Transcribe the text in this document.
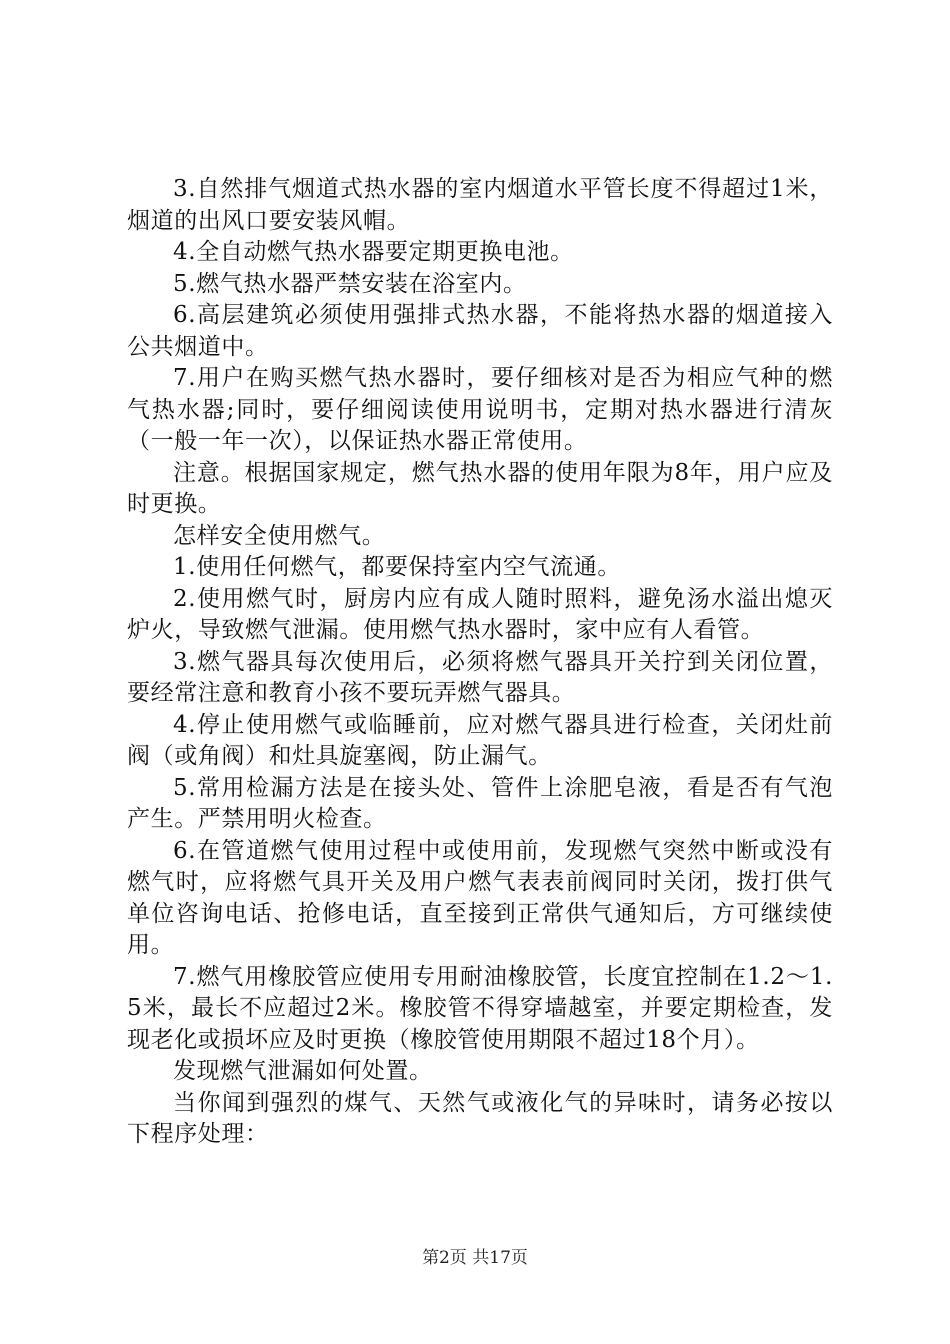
3.自然排气烟道式热水器的室内烟道水平管长度不得超过1米，烟道的出风口要安装风帽。

4.全自动燃气热水器要定期更换电池。

5.燃气热水器严禁安装在浴室内。

6.高层建筑必须使用强排式热水器，不能将热水器的烟道接入公共烟道中。

7.用户在购买燃气热水器时，要仔细核对是否为相应气种的燃气热水器;同时，要仔细阅读使用说明书，定期对热水器进行清灰（一般一年一次），以保证热水器正常使用。

注意。根据国家规定，燃气热水器的使用年限为8年，用户应及时更换。

怎样安全使用燃气。

1.使用任何燃气，都要保持室内空气流通。

2.使用燃气时，厨房内应有成人随时照料，避免汤水溢出熄灭炉火，导致燃气泄漏。使用燃气热水器时，家中应有人看管。

3.燃气器具每次使用后，必须将燃气器具开关拧到关闭位置，要经常注意和教育小孩不要玩弄燃气器具。

4.停止使用燃气或临睡前，应对燃气器具进行检查，关闭灶前阀（或角阀）和灶具旋塞阀，防止漏气。

5.常用检漏方法是在接头处、管件上涂肥皂液，看是否有气泡产生。严禁用明火检查。

6.在管道燃气使用过程中或使用前，发现燃气突然中断或没有燃气时，应将燃气具开关及用户燃气表表前阀同时关闭，拨打供气单位咨询电话、抢修电话，直至接到正常供气通知后，方可继续使用。

7.燃气用橡胶管应使用专用耐油橡胶管，长度宜控制在1.2～1.5米，最长不应超过2米。橡胶管不得穿墙越室，并要定期检查，发现老化或损坏应及时更换（橡胶管使用期限不超过18个月）。

发现燃气泄漏如何处置。

当你闻到强烈的煤气、天然气或液化气的异味时，请务必按以下程序处理：

第2页 共17页
